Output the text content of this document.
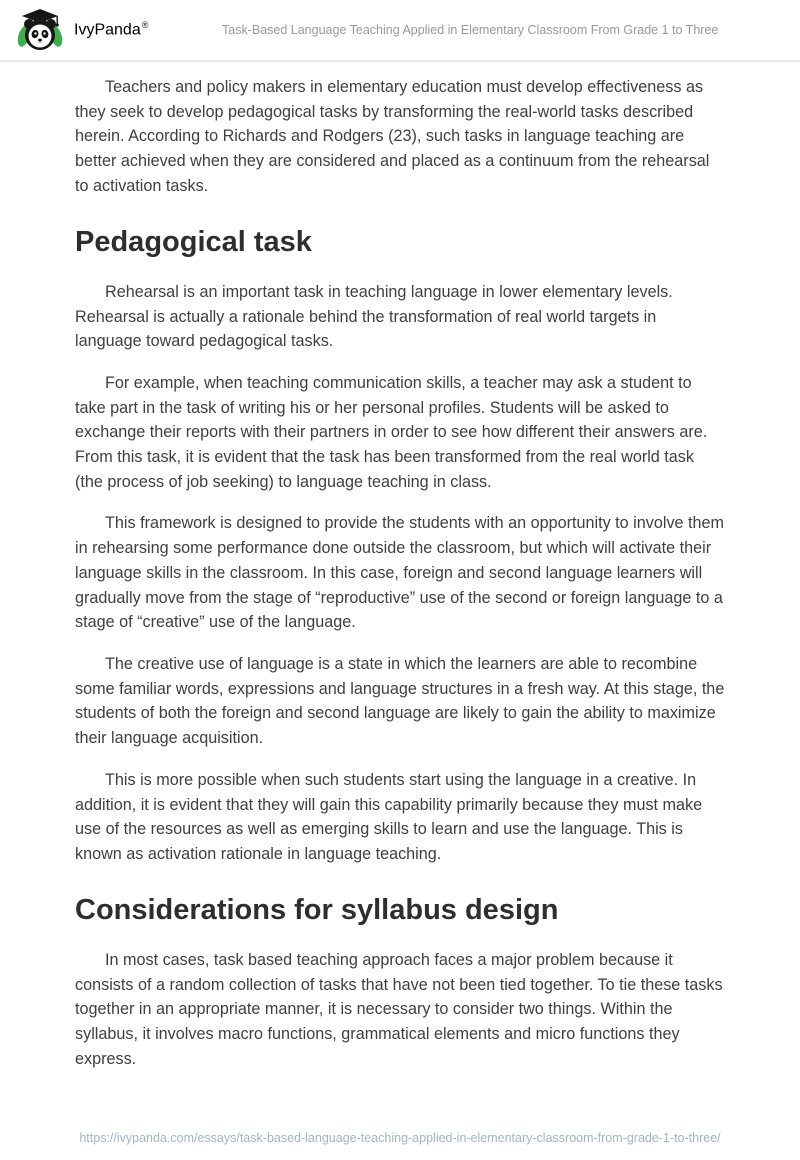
IvyPanda®	Task-Based Language Teaching Applied in Elementary Classroom From Grade 1 to Three

Teachers and policy makers in elementary education must develop effectiveness as they seek to develop pedagogical tasks by transforming the real-world tasks described herein. According to Richards and Rodgers (23), such tasks in language teaching are better achieved when they are considered and placed as a continuum from the rehearsal to activation tasks.

Pedagogical task

Rehearsal is an important task in teaching language in lower elementary levels. Rehearsal is actually a rationale behind the transformation of real world targets in language toward pedagogical tasks.

For example, when teaching communication skills, a teacher may ask a student to take part in the task of writing his or her personal profiles. Students will be asked to exchange their reports with their partners in order to see how different their answers are. From this task, it is evident that the task has been transformed from the real world task (the process of job seeking) to language teaching in class.

This framework is designed to provide the students with an opportunity to involve them in rehearsing some performance done outside the classroom, but which will activate their language skills in the classroom. In this case, foreign and second language learners will gradually move from the stage of “reproductive” use of the second or foreign language to a stage of “creative” use of the language.

The creative use of language is a state in which the learners are able to recombine some familiar words, expressions and language structures in a fresh way. At this stage, the students of both the foreign and second language are likely to gain the ability to maximize their language acquisition.

This is more possible when such students start using the language in a creative. In addition, it is evident that they will gain this capability primarily because they must make use of the resources as well as emerging skills to learn and use the language. This is known as activation rationale in language teaching.

Considerations for syllabus design

In most cases, task based teaching approach faces a major problem because it consists of a random collection of tasks that have not been tied together. To tie these tasks together in an appropriate manner, it is necessary to consider two things. Within the syllabus, it involves macro functions, grammatical elements and micro functions they express.

https://ivypanda.com/essays/task-based-language-teaching-applied-in-elementary-classroom-from-grade-1-to-three/
